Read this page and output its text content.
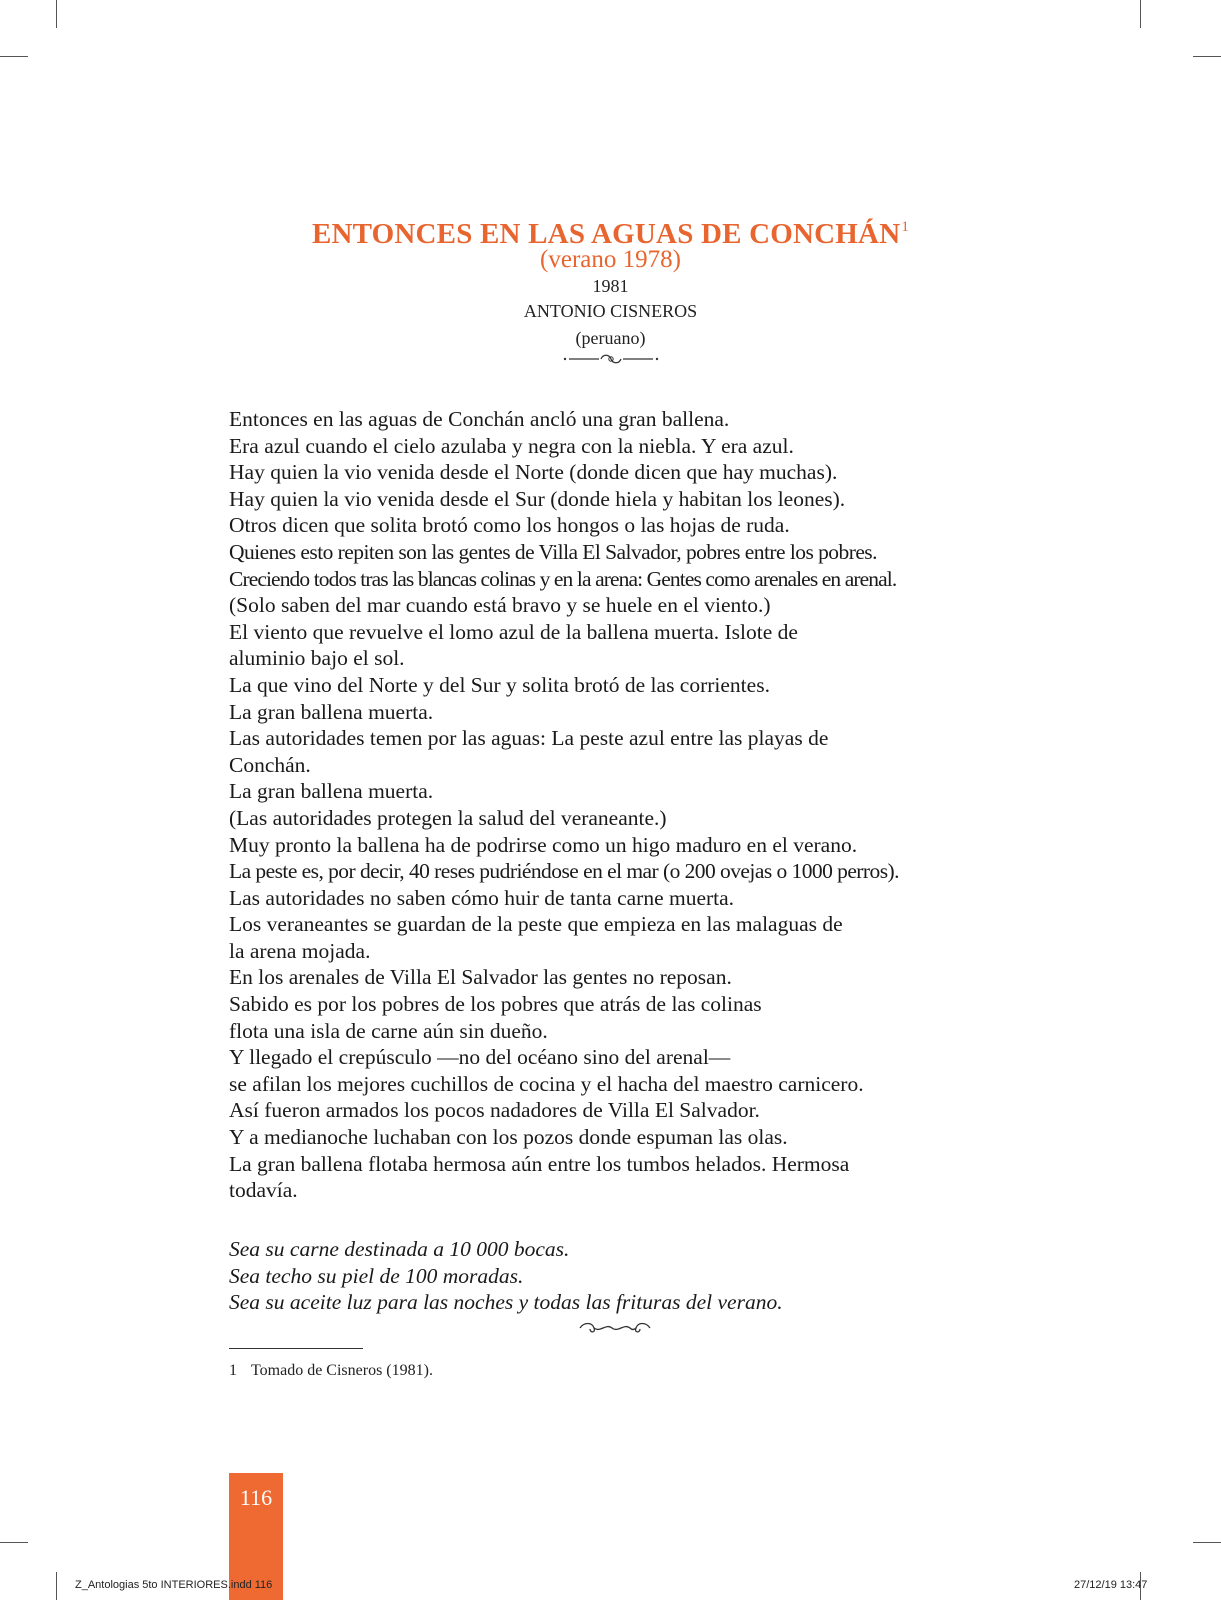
ENTONCES EN LAS AGUAS DE CONCHÁN$^1$
(verano 1978)
1981
ANTONIO CISNEROS
(peruano)
Entonces en las aguas de Conchán ancló una gran ballena.
Era azul cuando el cielo azulaba y negra con la niebla. Y era azul.
Hay quien la vio venida desde el Norte (donde dicen que hay muchas).
Hay quien la vio venida desde el Sur (donde hiela y habitan los leones).
Otros dicen que solita brotó como los hongos o las hojas de ruda.
Quienes esto repiten son las gentes de Villa El Salvador, pobres entre los pobres.
Creciendo todos tras las blancas colinas y en la arena: Gentes como arenales en arenal.
(Solo saben del mar cuando está bravo y se huele en el viento.)
El viento que revuelve el lomo azul de la ballena muerta. Islote de
aluminio bajo el sol.
La que vino del Norte y del Sur y solita brotó de las corrientes.
La gran ballena muerta.
Las autoridades temen por las aguas: La peste azul entre las playas de
Conchán.
La gran ballena muerta.
(Las autoridades protegen la salud del veraneante.)
Muy pronto la ballena ha de podrirse como un higo maduro en el verano.
La peste es, por decir, 40 reses pudriéndose en el mar (o 200 ovejas o 1000 perros).
Las autoridades no saben cómo huir de tanta carne muerta.
Los veraneantes se guardan de la peste que empieza en las malaguas de
la arena mojada.
En los arenales de Villa El Salvador las gentes no reposan.
Sabido es por los pobres de los pobres que atrás de las colinas
flota una isla de carne aún sin dueño.
Y llegado el crepúsculo —no del océano sino del arenal—
se afilan los mejores cuchillos de cocina y el hacha del maestro carnicero.
Así fueron armados los pocos nadadores de Villa El Salvador.
Y a medianoche luchaban con los pozos donde espuman las olas.
La gran ballena flotaba hermosa aún entre los tumbos helados. Hermosa
todavía.
Sea su carne destinada a 10 000 bocas.
Sea techo su piel de 100 moradas.
Sea su aceite luz para las noches y todas las frituras del verano.
1 Tomado de Cisneros (1981).
116
Z_Antologias 5to INTERIORES.indd 116	27/12/19 13:47
